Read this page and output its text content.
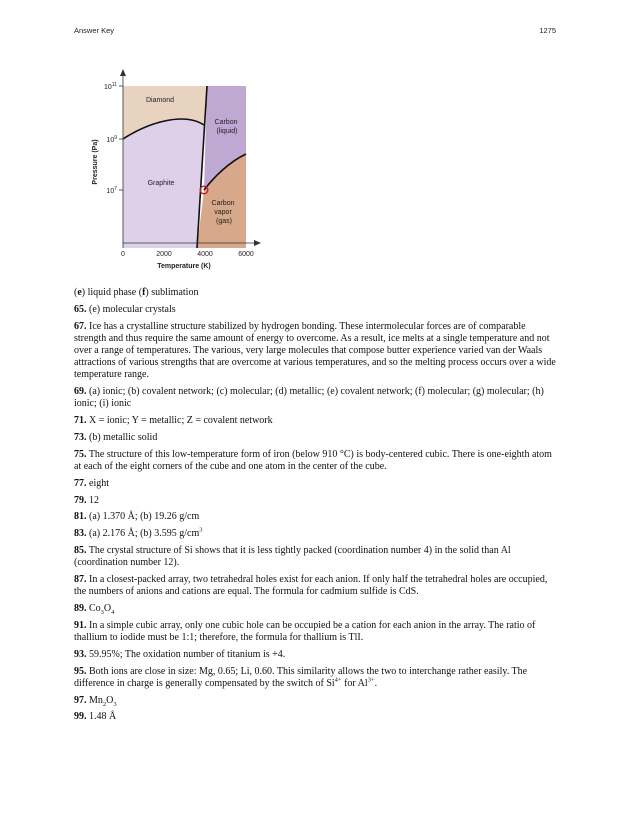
Answer Key	1275
$10^{11}$
$10^9$
$10^7$
0	2000	4000	6000
Temperature (K)
Pressure (Pa)
Diamond
Graphite
Carbon (liquid)
Carbon vapor (gas)
(e) liquid phase (f) sublimation
65. (e) molecular crystals
67. Ice has a crystalline structure stabilized by hydrogen bonding. These intermolecular forces are of comparable strength and thus require the same amount of energy to overcome. As a result, ice melts at a single temperature and not over a range of temperatures. The various, very large molecules that compose butter experience varied van der Waals attractions of various strengths that are overcome at various temperatures, and so the melting process occurs over a wide temperature range.
69. (a) ionic; (b) covalent network; (c) molecular; (d) metallic; (e) covalent network; (f) molecular; (g) molecular; (h) ionic; (i) ionic
71. X = ionic; Y = metallic; Z = covalent network
73. (b) metallic solid
75. The structure of this low-temperature form of iron (below 910 °C) is body-centered cubic. There is one-eighth atom at each of the eight corners of the cube and one atom in the center of the cube.
77. eight
79. 12
81. (a) 1.370 Å; (b) 19.26 g/cm
83. (a) 2.176 Å; (b) 3.595 $g/cm^3$
85. The crystal structure of Si shows that it is less tightly packed (coordination number 4) in the solid than Al (coordination number 12).
87. In a closest-packed array, two tetrahedral holes exist for each anion. If only half the tetrahedral holes are occupied, the numbers of anions and cations are equal. The formula for cadmium sulfide is CdS.
89. $Co_3O_4$
91. In a simple cubic array, only one cubic hole can be occupied be a cation for each anion in the array. The ratio of thallium to iodide must be 1:1; therefore, the formula for thallium is TlI.
93. 59.95%; The oxidation number of titanium is +4.
95. Both ions are close in size: Mg, 0.65; Li, 0.60. This similarity allows the two to interchange rather easily. The difference in charge is generally compensated by the switch of $Si^{4+}$ for $Al^{3+}$.
97. $Mn_2O_3$
99. 1.48 Å
